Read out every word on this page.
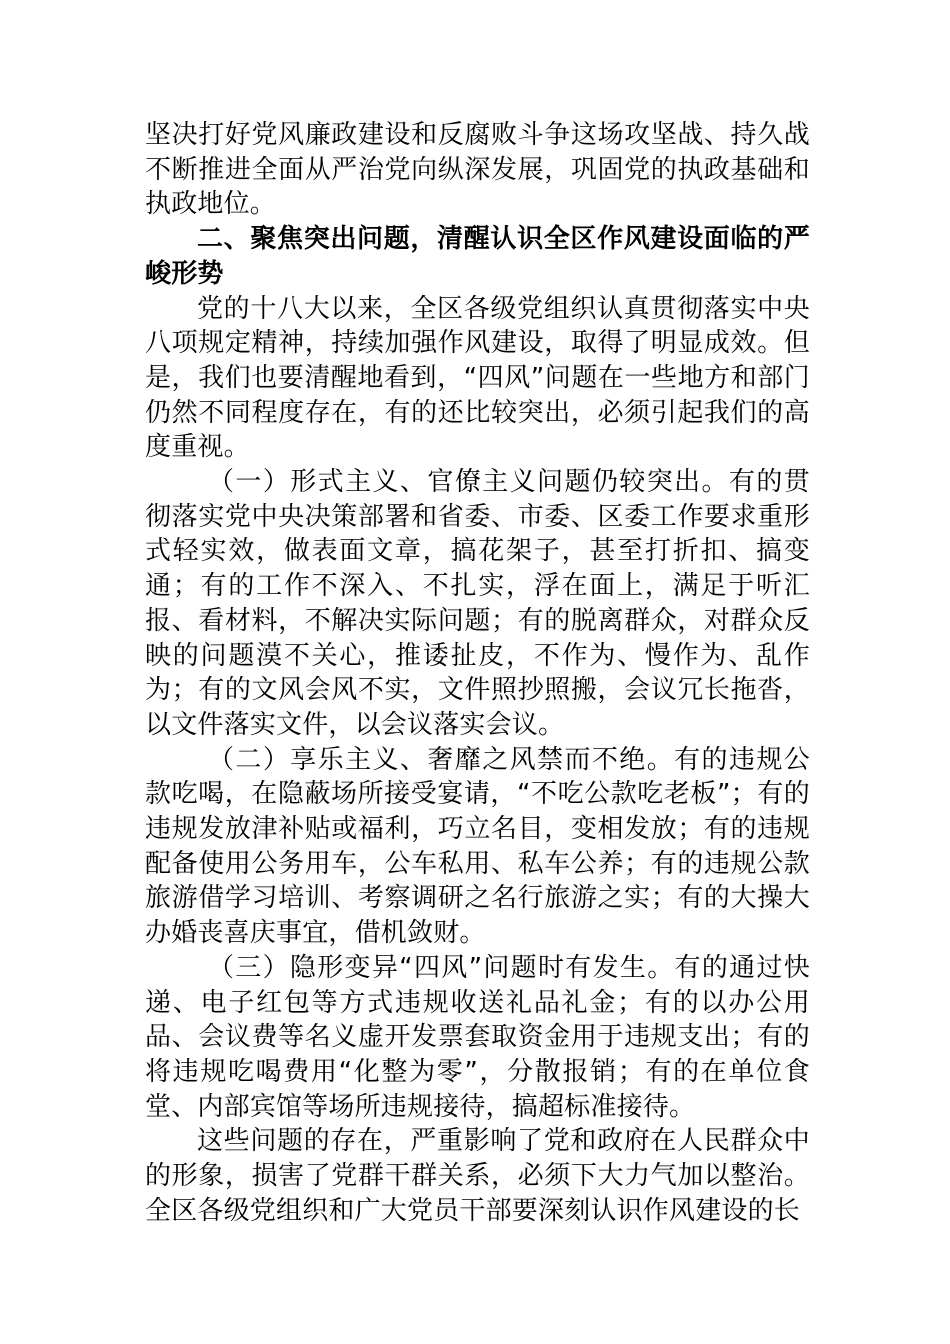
坚决打好党风廉政建设和反腐败斗争这场攻坚战、持久战不断推进全面从严治党向纵深发展，巩固党的执政基础和执政地位。

二、聚焦突出问题，清醒认识全区作风建设面临的严峻形势

党的十八大以来，全区各级党组织认真贯彻落实中央八项规定精神，持续加强作风建设，取得了明显成效。但是，我们也要清醒地看到，“四风”问题在一些地方和部门仍然不同程度存在，有的还比较突出，必须引起我们的高度重视。

（一）形式主义、官僚主义问题仍较突出。有的贯彻落实党中央决策部署和省委、市委、区委工作要求重形式轻实效，做表面文章，搞花架子，甚至打折扣、搞变通；有的工作不深入、不扎实，浮在面上，满足于听汇报、看材料，不解决实际问题；有的脱离群众，对群众反映的问题漠不关心，推诿扯皮，不作为、慢作为、乱作为；有的文风会风不实，文件照抄照搬，会议冗长拖沓，以文件落实文件，以会议落实会议。

（二）享乐主义、奢靡之风禁而不绝。有的违规公款吃喝，在隐蔽场所接受宴请，“不吃公款吃老板”；有的违规发放津补贴或福利，巧立名目，变相发放；有的违规配备使用公务用车，公车私用、私车公养；有的违规公款旅游借学习培训、考察调研之名行旅游之实；有的大操大办婚丧喜庆事宜，借机敛财。

（三）隐形变异“四风”问题时有发生。有的通过快递、电子红包等方式违规收送礼品礼金；有的以办公用品、会议费等名义虚开发票套取资金用于违规支出；有的将违规吃喝费用“化整为零”，分散报销；有的在单位食堂、内部宾馆等场所违规接待，搞超标准接待。

这些问题的存在，严重影响了党和政府在人民群众中的形象，损害了党群干群关系，必须下大力气加以整治。全区各级党组织和广大党员干部要深刻认识作风建设的长
